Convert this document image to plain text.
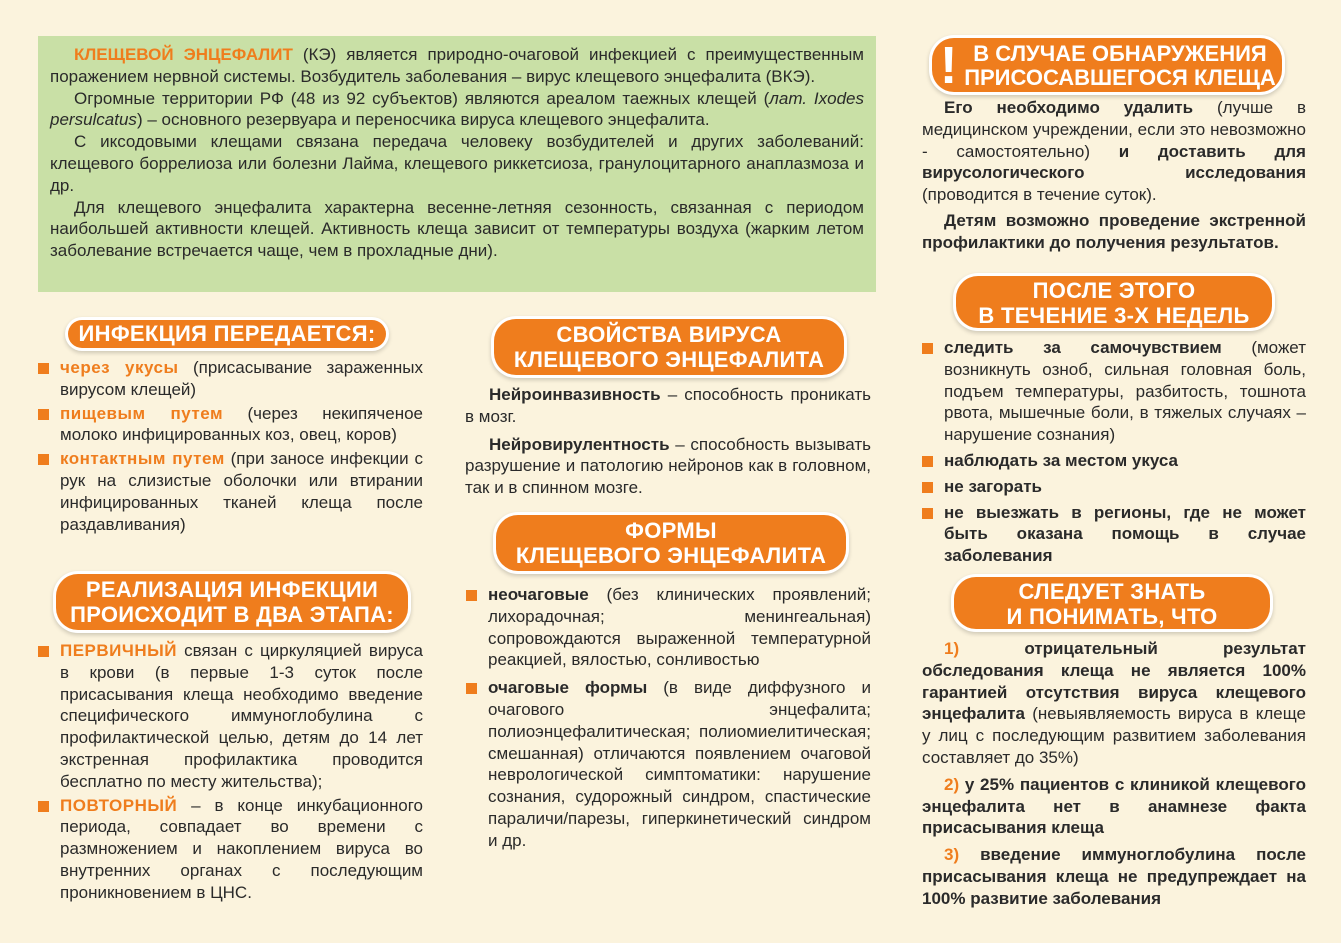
КЛЕЩЕВОЙ ЭНЦЕФАЛИТ (КЭ) является природно-очаговой инфекцией с преимущественным поражением нервной системы. Возбудитель заболевания – вирус клещевого энцефалита (ВКЭ).

Огромные территории РФ (48 из 92 субъектов) являются ареалом таежных клещей (лат. Ixodes persulcatus) – основного резервуара и переносчика вируса клещевого энцефалита.

С иксодовыми клещами связана передача человеку возбудителей и других заболеваний: клещевого боррелиоза или болезни Лайма, клещевого риккетсиоза, гранулоцитарного анаплазмоза и др.

Для клещевого энцефалита характерна весенне-летняя сезонность, связанная с периодом наибольшей активности клещей. Активность клеща зависит от температуры воздуха (жарким летом заболевание встречается чаще, чем в прохладные дни).

ИНФЕКЦИЯ ПЕРЕДАЕТСЯ:
через укусы (присасывание зараженных вирусом клещей)
пищевым путем (через некипяченое молоко инфицированных коз, овец, коров)
контактным путем (при заносе инфекции с рук на слизистые оболочки или втирании инфицированных тканей клеща после раздавливания)
РЕАЛИЗАЦИЯ ИНФЕКЦИИ
ПРОИСХОДИТ В ДВА ЭТАПА:
ПЕРВИЧНЫЙ связан с циркуляцией вируса в крови (в первые 1-3 суток после присасывания клеща необходимо введение специфического иммуноглобулина с профилактической целью, детям до 14 лет экстренная профилактика проводится бесплатно по месту жительства);
ПОВТОРНЫЙ – в конце инкубационного периода, совпадает во времени с размножением и накоплением вируса во внутренних органах с последующим проникновением в ЦНС.
СВОЙСТВА ВИРУСА
КЛЕЩЕВОГО ЭНЦЕФАЛИТА

Нейроинвазивность – способность проникать в мозг.

Нейровирулентность – способность вызывать разрушение и патологию нейронов как в головном, так и в спинном мозге.

ФОРМЫ
КЛЕЩЕВОГО ЭНЦЕФАЛИТА
неочаговые (без клинических проявлений; лихорадочная; менингеальная) сопровождаются выраженной температурной реакцией, вялостью, сонливостью
очаговые формы (в виде диффузного и очагового энцефалита; полиоэнцефалитическая; полиомиелитическая; смешанная) отличаются появлением очаговой неврологической симптоматики: нарушение сознания, судорожный синдром, спастические параличи/парезы, гиперкинетический синдром и др.
! В СЛУЧАЕ ОБНАРУЖЕНИЯ
ПРИСОСАВШЕГОСЯ КЛЕЩА

Его необходимо удалить (лучше в медицинском учреждении, если это невозможно - самостоятельно) и доставить для вирусологического исследования (проводится в течение суток).

Детям возможно проведение экстренной профилактики до получения результатов.

ПОСЛЕ ЭТОГО
В ТЕЧЕНИЕ 3-Х НЕДЕЛЬ
следить за самочувствием (может возникнуть озноб, сильная головная боль, подъем температуры, разбитость, тошнота рвота, мышечные боли, в тяжелых случаях – нарушение сознания)
наблюдать за местом укуса
не загорать
не выезжать в регионы, где не может быть оказана помощь в случае заболевания
СЛЕДУЕТ ЗНАТЬ
И ПОНИМАТЬ, ЧТО

1) отрицательный результат обследования клеща не является 100% гарантией отсутствия вируса клещевого энцефалита (невыявляемость вируса в клеще у лиц с последующим развитием заболевания составляет до 35%)

2) у 25% пациентов с клиникой клещевого энцефалита нет в анамнезе факта присасывания клеща

3) введение иммуноглобулина после присасывания клеща не предупреждает на 100% развитие заболевания
